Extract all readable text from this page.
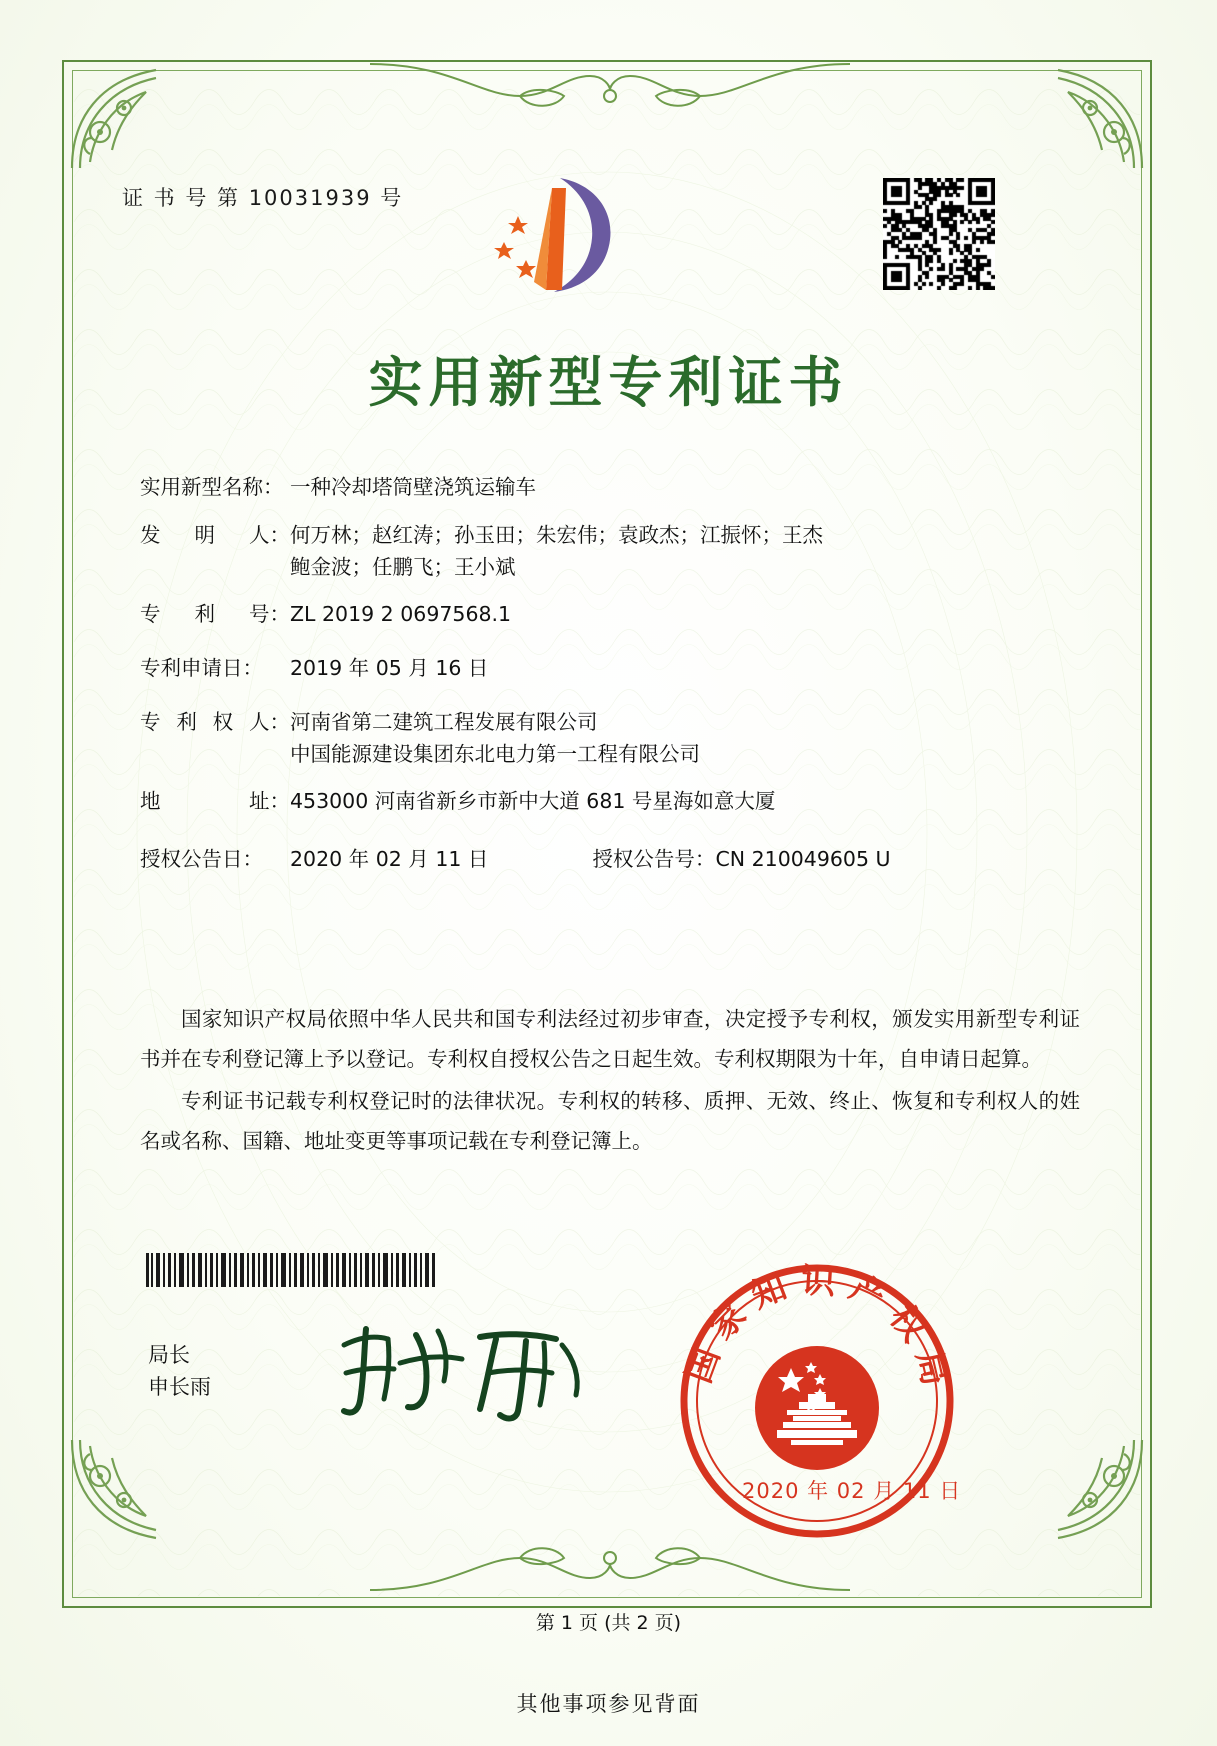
证 书 号 第 10031939 号
实用新型专利证书
实用新型名称： 一种冷却塔筒壁浇筑运输车
发 明 人： 何万林；赵红涛；孙玉田；朱宏伟；袁政杰；江振怀；王杰
鲍金波；任鹏飞；王小斌
专 利 号： ZL 2019 2 0697568.1
专利申请日：	2019 年 05 月 16 日
专 利 权 人： 河南省第二建筑工程发展有限公司
中国能源建设集团东北电力第一工程有限公司
地	址： 453000 河南省新乡市新中大道 681 号星海如意大厦
授权公告日：	2020 年 02 月 11 日	授权公告号： CN 210049605 U

国家知识产权局依照中华人民共和国专利法经过初步审查，决定授予专利权，颁发实用新型专利证书并在专利登记簿上予以登记。专利权自授权公告之日起生效。专利权期限为十年，自申请日起算。

专利证书记载专利权登记时的法律状况。专利权的转移、质押、无效、终止、恢复和专利权人的姓名或名称、国籍、地址变更等事项记载在专利登记簿上。

局长
申长雨	国家知识产权局
2020 年 02 月 11 日
第 1 页 (共 2 页)
其他事项参见背面
